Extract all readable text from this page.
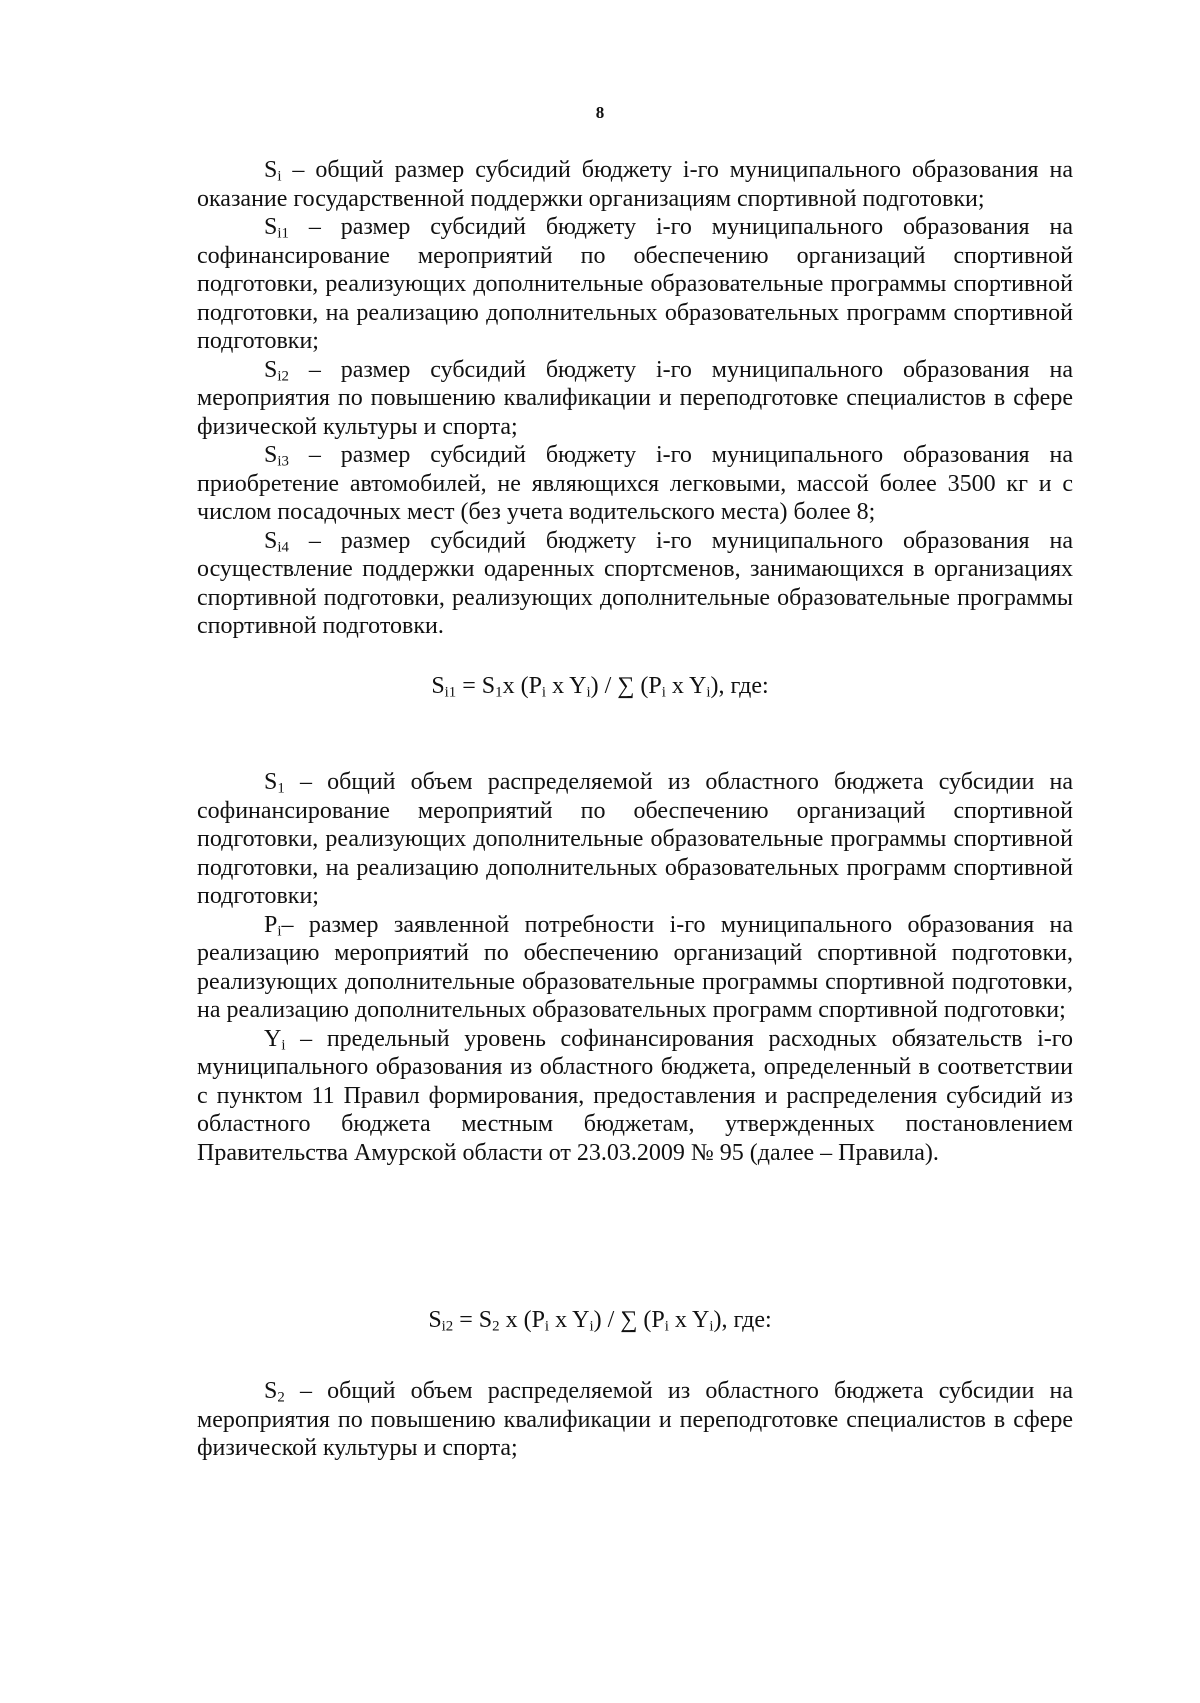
8

$S_i$ – общий размер субсидий бюджету i-го муниципального образования на оказание государственной поддержки организациям спортивной подготовки;

$S_{i1}$ – размер субсидий бюджету i-го муниципального образования на софинансирование мероприятий по обеспечению организаций спортивной подготовки, реализующих дополнительные образовательные программы спортивной подготовки, на реализацию дополнительных образовательных программ спортивной подготовки;

$S_{i2}$ – размер субсидий бюджету i-го муниципального образования на мероприятия по повышению квалификации и переподготовке специалистов в сфере физической культуры и спорта;

$S_{i3}$ – размер субсидий бюджету i-го муниципального образования на приобретение автомобилей, не являющихся легковыми, массой более 3500 кг и с числом посадочных мест (без учета водительского места) более 8;

$S_{i4}$ – размер субсидий бюджету i-го муниципального образования на осуществление поддержки одаренных спортсменов, занимающихся в организациях спортивной подготовки, реализующих дополнительные образовательные программы спортивной подготовки.

$S_{i1} = S_1x$ ($P_i$ x $Y_i$) / ∑ ($P_i$ x $Y_i$), где:

$S_1$ – общий объем распределяемой из областного бюджета субсидии на софинансирование мероприятий по обеспечению организаций спортивной подготовки, реализующих дополнительные образовательные программы спортивной подготовки, на реализацию дополнительных образовательных программ спортивной подготовки;

$P_i-$ размер заявленной потребности i-го муниципального образования на реализацию мероприятий по обеспечению организаций спортивной подготовки, реализующих дополнительные образовательные программы спортивной подготовки, на реализацию дополнительных образовательных программ спортивной подготовки;

$Y_i$ – предельный уровень софинансирования расходных обязательств i-го муниципального образования из областного бюджета, определенный в соответствии с пунктом 11 Правил формирования, предоставления и распределения субсидий из областного бюджета местным бюджетам, утвержденных постановлением Правительства Амурской области от 23.03.2009 № 95 (далее – Правила).

$S_{i2} = S_2$ x ($P_i$ x $Y_i$) / ∑ ($P_i$ x $Y_i$), где:

$S_2$ – общий объем распределяемой из областного бюджета субсидии на мероприятия по повышению квалификации и переподготовке специалистов в сфере физической культуры и спорта;
